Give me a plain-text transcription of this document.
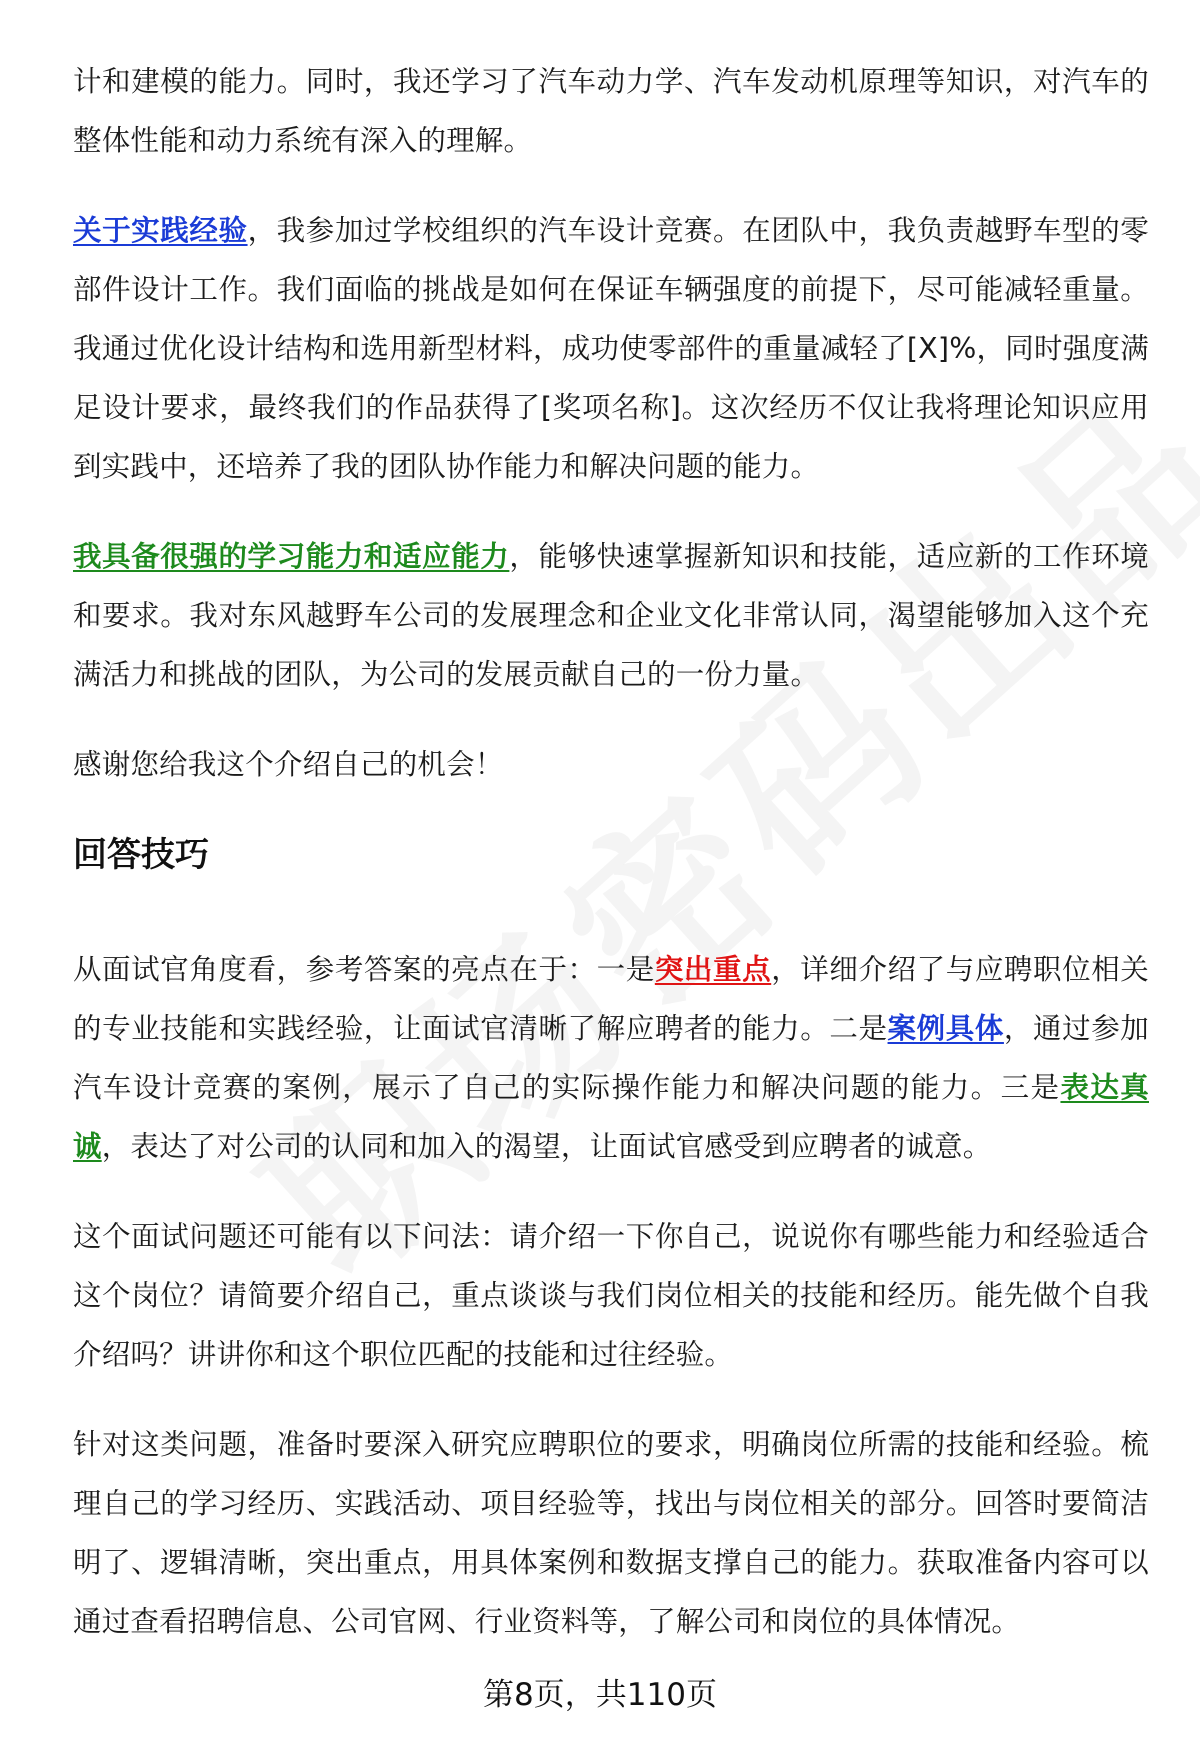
计和建模的能力。同时，我还学习了汽车动力学、汽车发动机原理等知识，对汽车的整体性能和动力系统有深入的理解。

关于实践经验，我参加过学校组织的汽车设计竞赛。在团队中，我负责越野车型的零部件设计工作。我们面临的挑战是如何在保证车辆强度的前提下，尽可能减轻重量。我通过优化设计结构和选用新型材料，成功使零部件的重量减轻了[X]%，同时强度满足设计要求，最终我们的作品获得了[奖项名称]。这次经历不仅让我将理论知识应用到实践中，还培养了我的团队协作能力和解决问题的能力。

我具备很强的学习能力和适应能力，能够快速掌握新知识和技能，适应新的工作环境和要求。我对东风越野车公司的发展理念和企业文化非常认同，渴望能够加入这个充满活力和挑战的团队，为公司的发展贡献自己的一份力量。

感谢您给我这个介绍自己的机会！

回答技巧

从面试官角度看，参考答案的亮点在于：一是突出重点，详细介绍了与应聘职位相关的专业技能和实践经验，让面试官清晰了解应聘者的能力。二是案例具体，通过参加汽车设计竞赛的案例，展示了自己的实际操作能力和解决问题的能力。三是表达真诚，表达了对公司的认同和加入的渴望，让面试官感受到应聘者的诚意。

这个面试问题还可能有以下问法：请介绍一下你自己，说说你有哪些能力和经验适合这个岗位？请简要介绍自己，重点谈谈与我们岗位相关的技能和经历。能先做个自我介绍吗？讲讲你和这个职位匹配的技能和过往经验。

针对这类问题，准备时要深入研究应聘职位的要求，明确岗位所需的技能和经验。梳理自己的学习经历、实践活动、项目经验等，找出与岗位相关的部分。回答时要简洁明了、逻辑清晰，突出重点，用具体案例和数据支撑自己的能力。获取准备内容可以通过查看招聘信息、公司官网、行业资料等，了解公司和岗位的具体情况。

第8页，共110页
